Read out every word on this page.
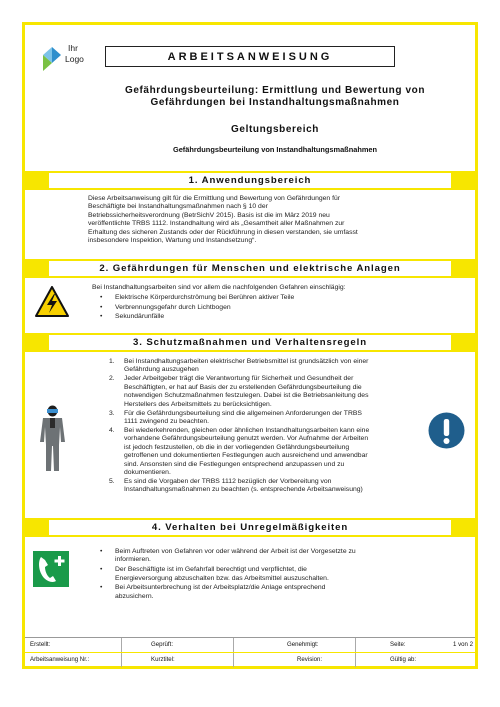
Ihr
Logo	ARBEITSANWEISUNG
Gefährdungsbeurteilung: Ermittlung und Bewertung von
Gefährdungen bei Instandhaltungsmaßnahmen
Geltungsbereich
Gefährdungsbeurteilung von Instandhaltungsmaßnahmen
1. Anwendungsbereich
Diese Arbeitsanweisung gilt für die Ermittlung und Bewertung von Gefährdungen für
Beschäftigte bei Instandhaltungsmaßnahmen nach § 10 der
Betriebssicherheitsverordnung (BetrSichV 2015). Basis ist die im März 2019 neu
veröffentlichte TRBS 1112. Instandhaltung wird als „Gesamtheit aller Maßnahmen zur
Erhaltung des sicheren Zustands oder der Rückführung in diesen verstanden, sie umfasst
insbesondere Inspektion, Wartung und Instandsetzung“.
2. Gefährdungen für Menschen und elektrische Anlagen
Bei Instandhaltungsarbeiten sind vor allem die nachfolgenden Gefahren einschlägig:
• Elektrische Körperdurchströmung bei Berühren aktiver Teile
• Verbrennungsgefahr durch Lichtbogen
• Sekundärunfälle
3. Schutzmaßnahmen und Verhaltensregeln
1. Bei Instandhaltungsarbeiten elektrischer Betriebsmittel ist grundsätzlich von einer
Gefährdung auszugehen
2. Jeder Arbeitgeber trägt die Verantwortung für Sicherheit und Gesundheit der
Beschäftigten, er hat auf Basis der zu erstellenden Gefährdungsbeurteilung die
notwendigen Schutzmaßnahmen festzulegen. Dabei ist die Betriebsanleitung des
Herstellers des Arbeitsmittels zu berücksichtigen.
3. Für die Gefährdungsbeurteilung sind die allgemeinen Anforderungen der TRBS
1111 zwingend zu beachten.
4. Bei wiederkehrenden, gleichen oder ähnlichen Instandhaltungsarbeiten kann eine
vorhandene Gefährdungsbeurteilung genutzt werden. Vor Aufnahme der Arbeiten
ist jedoch festzustellen, ob die in der vorliegenden Gefährdungsbeurteilung
getroffenen und dokumentierten Festlegungen auch ausreichend und anwendbar
sind. Ansonsten sind die Festlegungen entsprechend anzupassen und zu
dokumentieren.
5. Es sind die Vorgaben der TRBS 1112 bezüglich der Vorbereitung von
Instandhaltungsmaßnahmen zu beachten (s. entsprechende Arbeitsanweisung)
4. Verhalten bei Unregelmäßigkeiten
• Beim Auftreten von Gefahren vor oder während der Arbeit ist der Vorgesetzte zu
informieren.
• Der Beschäftigte ist im Gefahrfall berechtigt und verpflichtet, die
Energieversorgung abzuschalten bzw. das Arbeitsmittel auszuschalten.
• Bei Arbeitsunterbrechung ist der Arbeitsplatz/die Anlage entsprechend
abzusichern.
Erstellt:	Geprüft:	Genehmigt:	Seite:	1 von 2
Arbeitsanweisung Nr.:	Kurztitel:	Revision:	Gültig ab:
